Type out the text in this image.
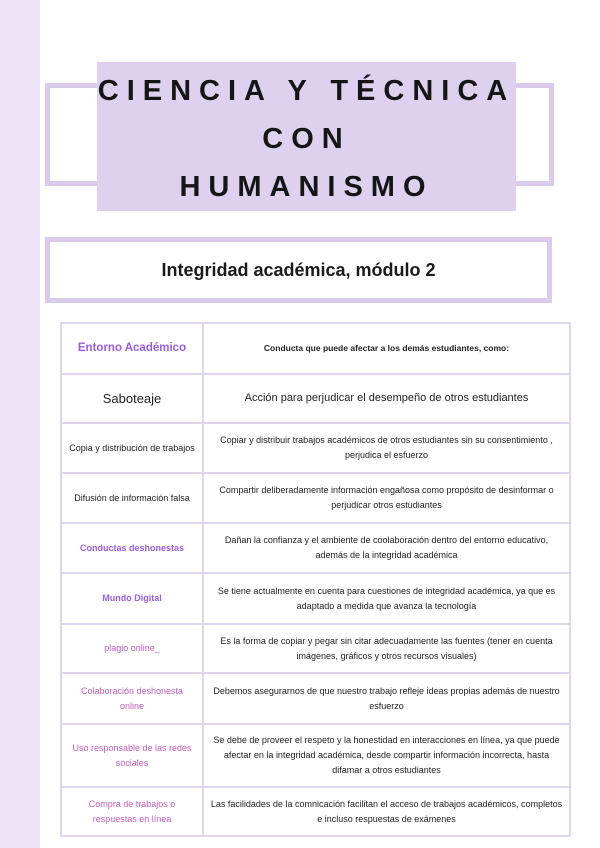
CIENCIA Y TÉCNICA CON
HUMANISMO
Integridad académica, módulo 2
Entorno Académico	Conducta que puede afectar a los demás estudiantes, como:
Saboteaje	Acción para perjudicar el desempeño de otros estudiantes
Copia y distribución de trabajos	Copiar y distribuir trabajos académicos de otros estudiantes sin su consentimiento , perjudica el esfuerzo
Difusión de información falsa	Compartir deliberadamente información engañosa como propósito de desinformar o perjudicar otros estudiantes
Conductas deshonestas	Dañan la confianza y el ambiente de coolaboración dentro del entorno educativo, además de la integridad académica
Mundo Digital	Se tiene actualmente en cuenta para cuestiones de integridad académica, ya que es adaptado a medida que avanza la tecnología
plagio online_	Es la forma de copiar y pegar sin citar adecuadamente las fuentes (tener en cuenta imágenes, gráficos y otros recursos visuales)
Colaboración deshonesta online	Debemos asegurarnos de que nuestro trabajo refleje ideas propias además de nuestro esfuerzo
Uso responsable de las redes sociales	Se debe de proveer el respeto y la honestidad en interacciones en línea, ya que puede afectar en la integridad académica, desde compartir información incorrecta, hasta difamar a otros estudiantes
Compra de trabajos o respuestas en línea	Las facilidades de la comnicación facilitan el acceso de trabajos académicos, completos e incluso respuestas de exámenes
